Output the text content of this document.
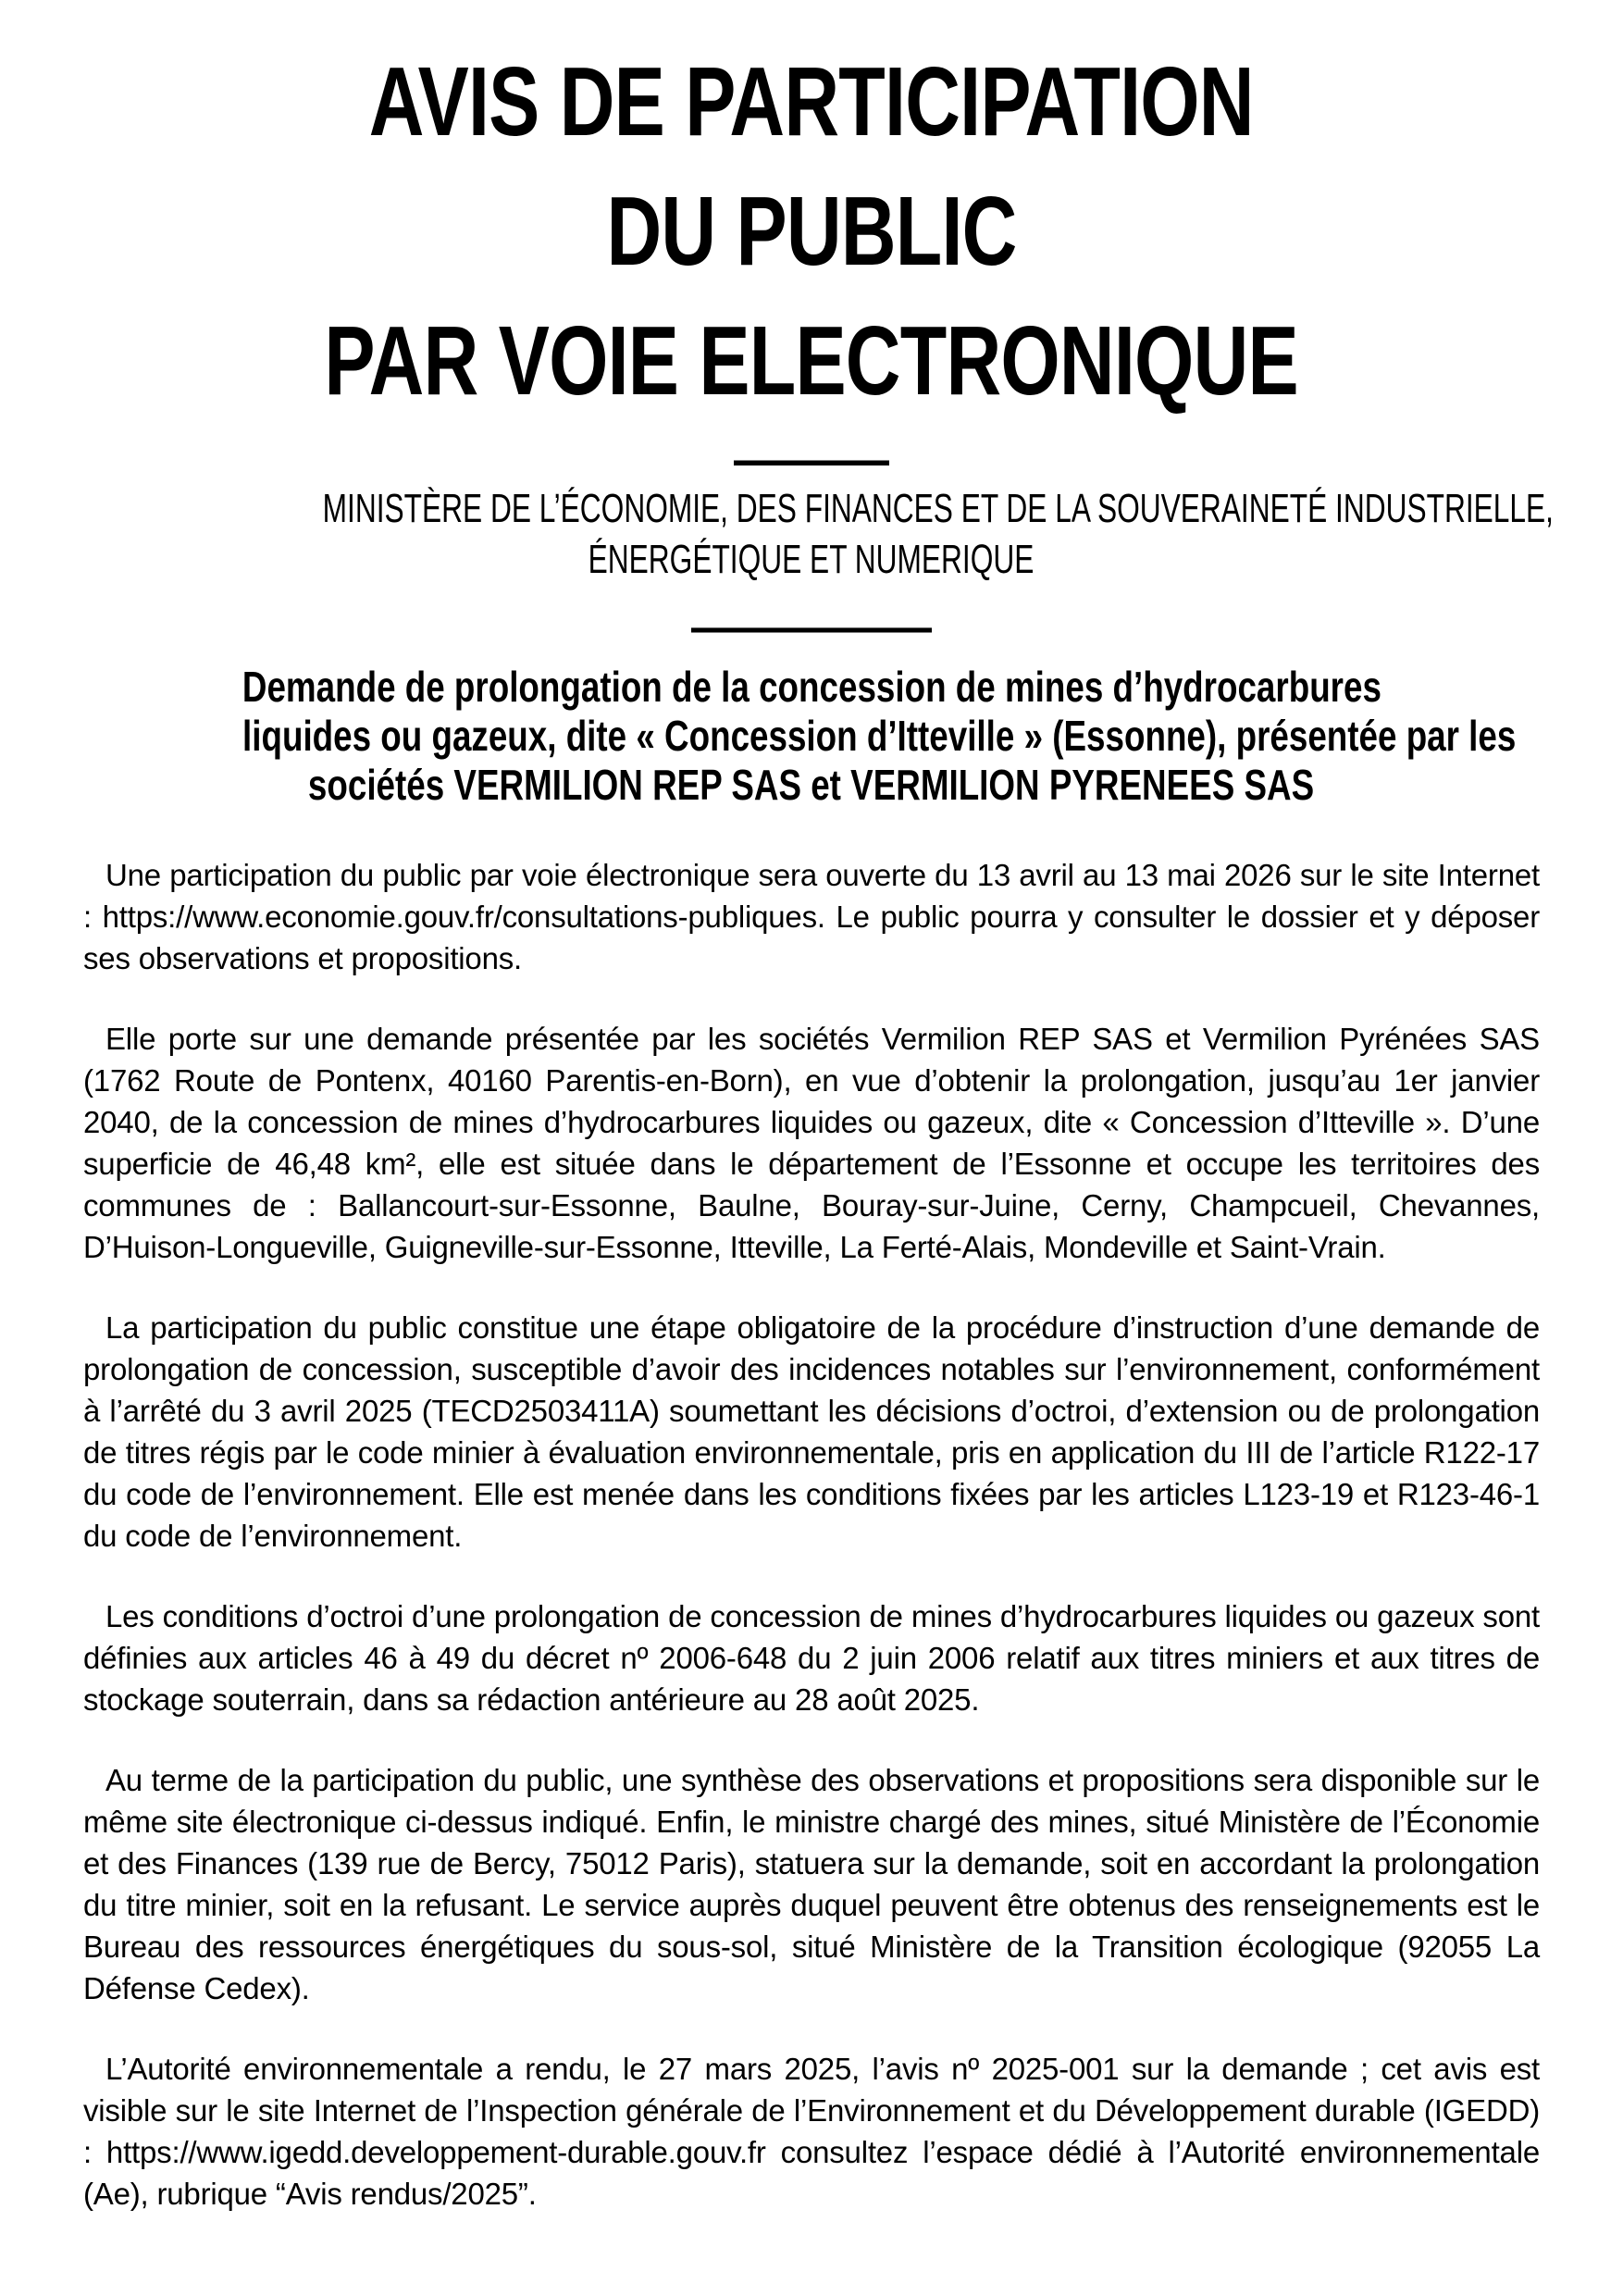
AVIS DE PARTICIPATION
DU PUBLIC
PAR VOIE ELECTRONIQUE
———
MINISTÈRE DE L’ÉCONOMIE, DES FINANCES ET DE LA SOUVERAINETÉ INDUSTRIELLE,
ÉNERGÉTIQUE ET NUMERIQUE
—————
Demande de prolongation de la concession de mines d’hydrocarbures
liquides ou gazeux, dite « Concession d’Itteville » (Essonne), présentée par les
sociétés VERMILION REP SAS et VERMILION PYRENEES SAS

Une participation du public par voie électronique sera ouverte du 13 avril au 13 mai 2026 sur le site Internet : https://www.economie.gouv.fr/consultations-publiques. Le public pourra y consulter le dossier et y déposer ses observations et propositions.

Elle porte sur une demande présentée par les sociétés Vermilion REP SAS et Vermilion Pyrénées SAS (1762 Route de Pontenx, 40160 Parentis-en-Born), en vue d’obtenir la prolongation, jusqu’au 1er janvier 2040, de la concession de mines d’hydrocarbures liquides ou gazeux, dite « Concession d’Itteville ». D’une superficie de 46,48 km², elle est située dans le département de l’Essonne et occupe les territoires des communes de : Ballancourt-sur-Essonne, Baulne, Bouray-sur-Juine, Cerny, Champcueil, Chevannes, D’Huison-Longueville, Guigneville-sur-Essonne, Itteville, La Ferté-Alais, Mondeville et Saint-Vrain.

La participation du public constitue une étape obligatoire de la procédure d’instruction d’une demande de prolongation de concession, susceptible d’avoir des incidences notables sur l’environnement, conformément à l’arrêté du 3 avril 2025 (TECD2503411A) soumettant les décisions d’octroi, d’extension ou de prolongation de titres régis par le code minier à évaluation environnementale, pris en application du III de l’article R122-17 du code de l’environnement. Elle est menée dans les conditions fixées par les articles L123-19 et R123-46-1 du code de l’environnement.

Les conditions d’octroi d’une prolongation de concession de mines d’hydrocarbures liquides ou gazeux sont définies aux articles 46 à 49 du décret nº 2006-648 du 2 juin 2006 relatif aux titres miniers et aux titres de stockage souterrain, dans sa rédaction antérieure au 28 août 2025.

Au terme de la participation du public, une synthèse des observations et propositions sera disponible sur le même site électronique ci-dessus indiqué. Enfin, le ministre chargé des mines, situé Ministère de l’Économie et des Finances (139 rue de Bercy, 75012 Paris), statuera sur la demande, soit en accordant la prolongation du titre minier, soit en la refusant. Le service auprès duquel peuvent être obtenus des renseignements est le Bureau des ressources énergétiques du sous-sol, situé Ministère de la Transition écologique (92055 La Défense Cedex).

L’Autorité environnementale a rendu, le 27 mars 2025, l’avis nº 2025-001 sur la demande ; cet avis est visible sur le site Internet de l’Inspection générale de l’Environnement et du Développement durable (IGEDD) : https://www.igedd.developpement-durable.gouv.fr consultez l’espace dédié à l’Autorité environnementale (Ae), rubrique “Avis rendus/2025”.
